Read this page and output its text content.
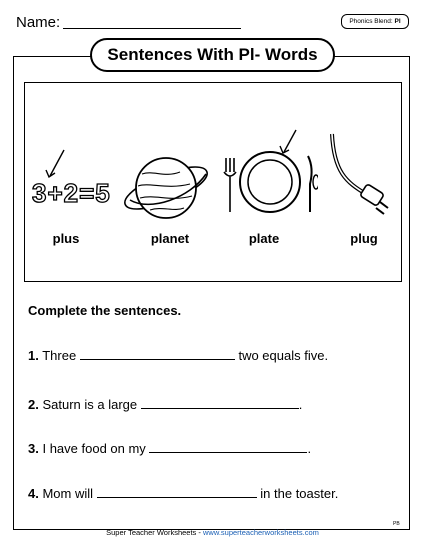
Name:	Phonics Blend: Pl
Sentences With Pl- Words
3+2=5
plus	planet	plate	plug
Complete the sentences.
1. Three	two equals five.
2. Saturn is a large	.
3. I have food on my	.
4. Mom will	in the toaster.
Super Teacher Worksheets - www.superteacherworksheets.com
PB
